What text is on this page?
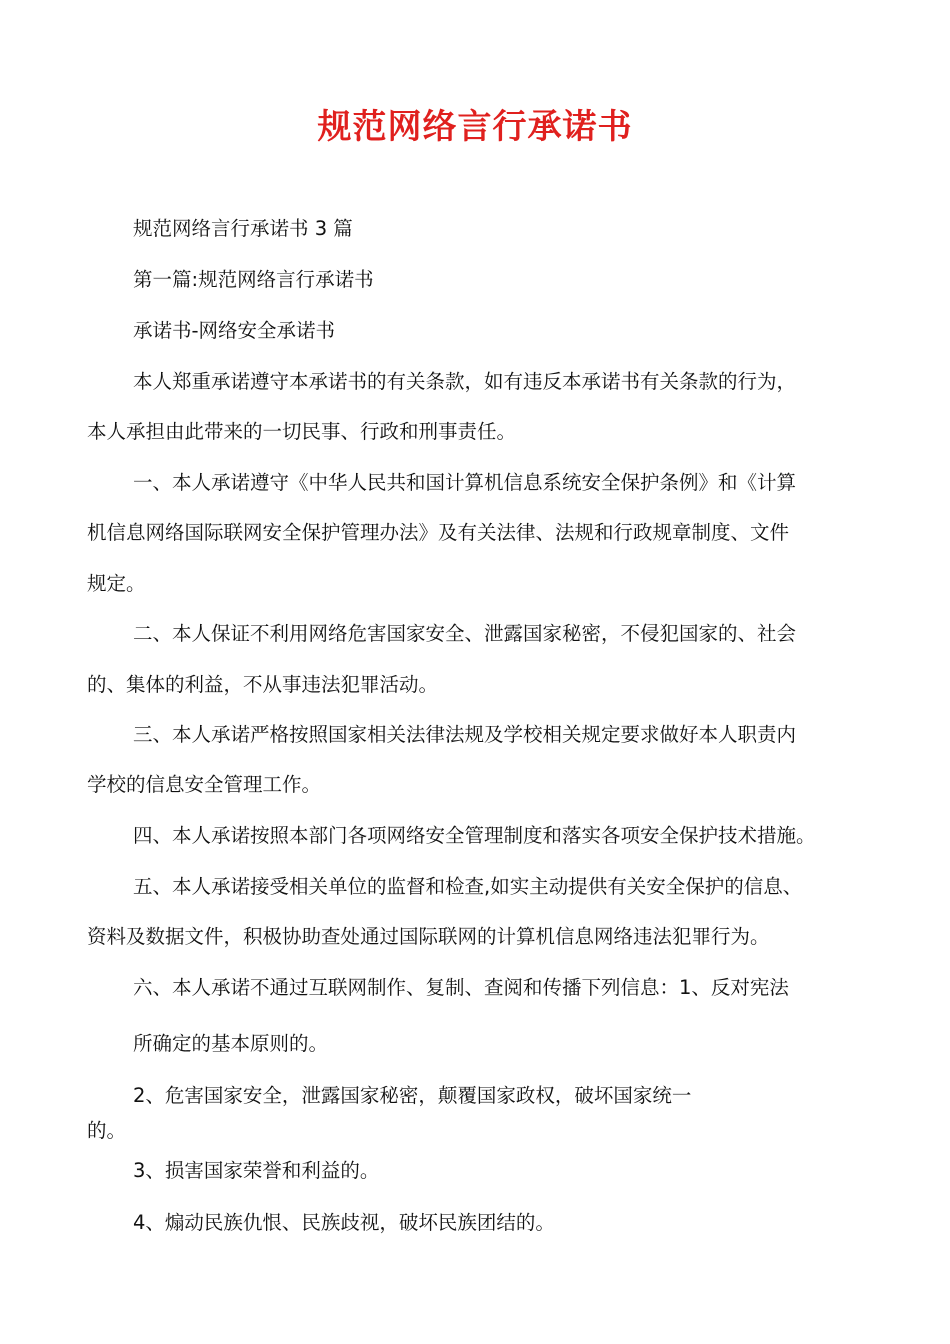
规范网络言行承诺书
规范网络言行承诺书 3 篇
第一篇:规范网络言行承诺书
承诺书-网络安全承诺书
本人郑重承诺遵守本承诺书的有关条款，如有违反本承诺书有关条款的行为，
本人承担由此带来的一切民事、行政和刑事责任。
一、本人承诺遵守《中华人民共和国计算机信息系统安全保护条例》和《计算
机信息网络国际联网安全保护管理办法》及有关法律、法规和行政规章制度、文件
规定。
二、本人保证不利用网络危害国家安全、泄露国家秘密，不侵犯国家的、社会
的、集体的利益，不从事违法犯罪活动。
三、本人承诺严格按照国家相关法律法规及学校相关规定要求做好本人职责内
学校的信息安全管理工作。
四、本人承诺按照本部门各项网络安全管理制度和落实各项安全保护技术措施。
五、本人承诺接受相关单位的监督和检查,如实主动提供有关安全保护的信息、
资料及数据文件，积极协助查处通过国际联网的计算机信息网络违法犯罪行为。
六、本人承诺不通过互联网制作、复制、查阅和传播下列信息：1、反对宪法
所确定的基本原则的。
2、危害国家安全，泄露国家秘密，颠覆国家政权，破坏国家统一
的。
3、损害国家荣誉和利益的。
4、煽动民族仇恨、民族歧视，破坏民族团结的。
